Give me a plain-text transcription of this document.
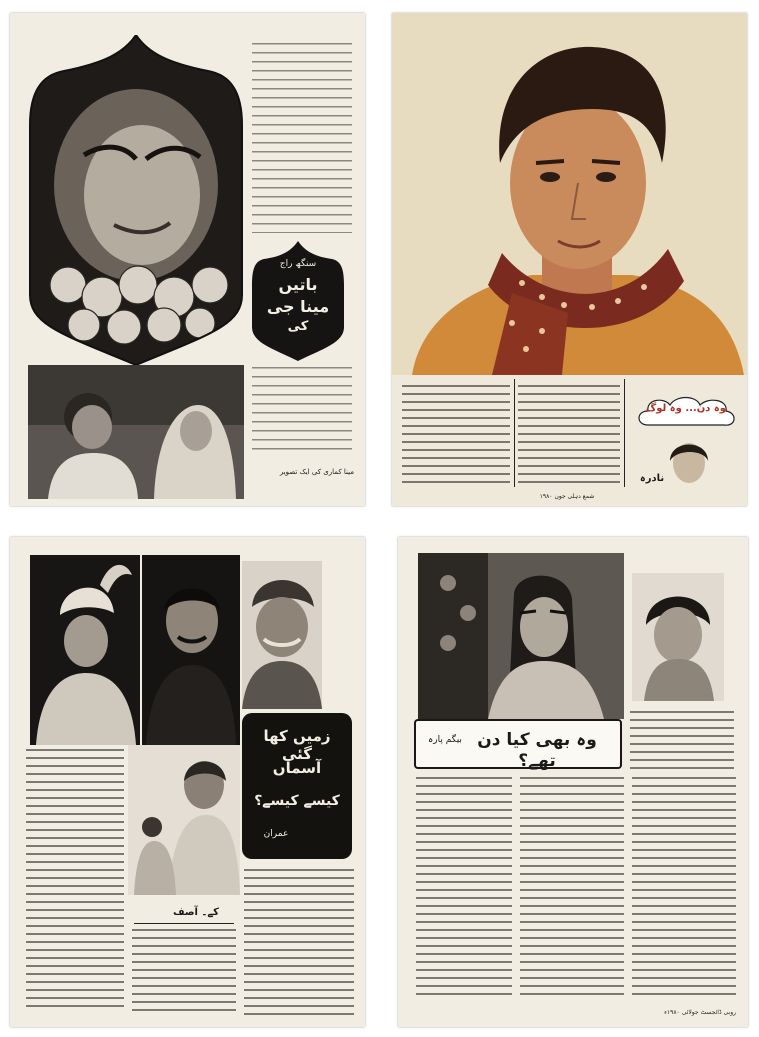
سنگھ راج
باتیں
مینا جی
کی
مینا کماری کی ایک تصویر
وہ دن... وہ لوگ
نادرہ
شمع دہلی جون ۱۹۸۰
زمیں کھا گئی
آسماں
کیسے کیسے؟
عمران
کے۔ آصف
وہ بھی کیا دن تھے؟
بیگم پارہ
روبی ڈائجسٹ جولائی ۱۹۸۰ء
